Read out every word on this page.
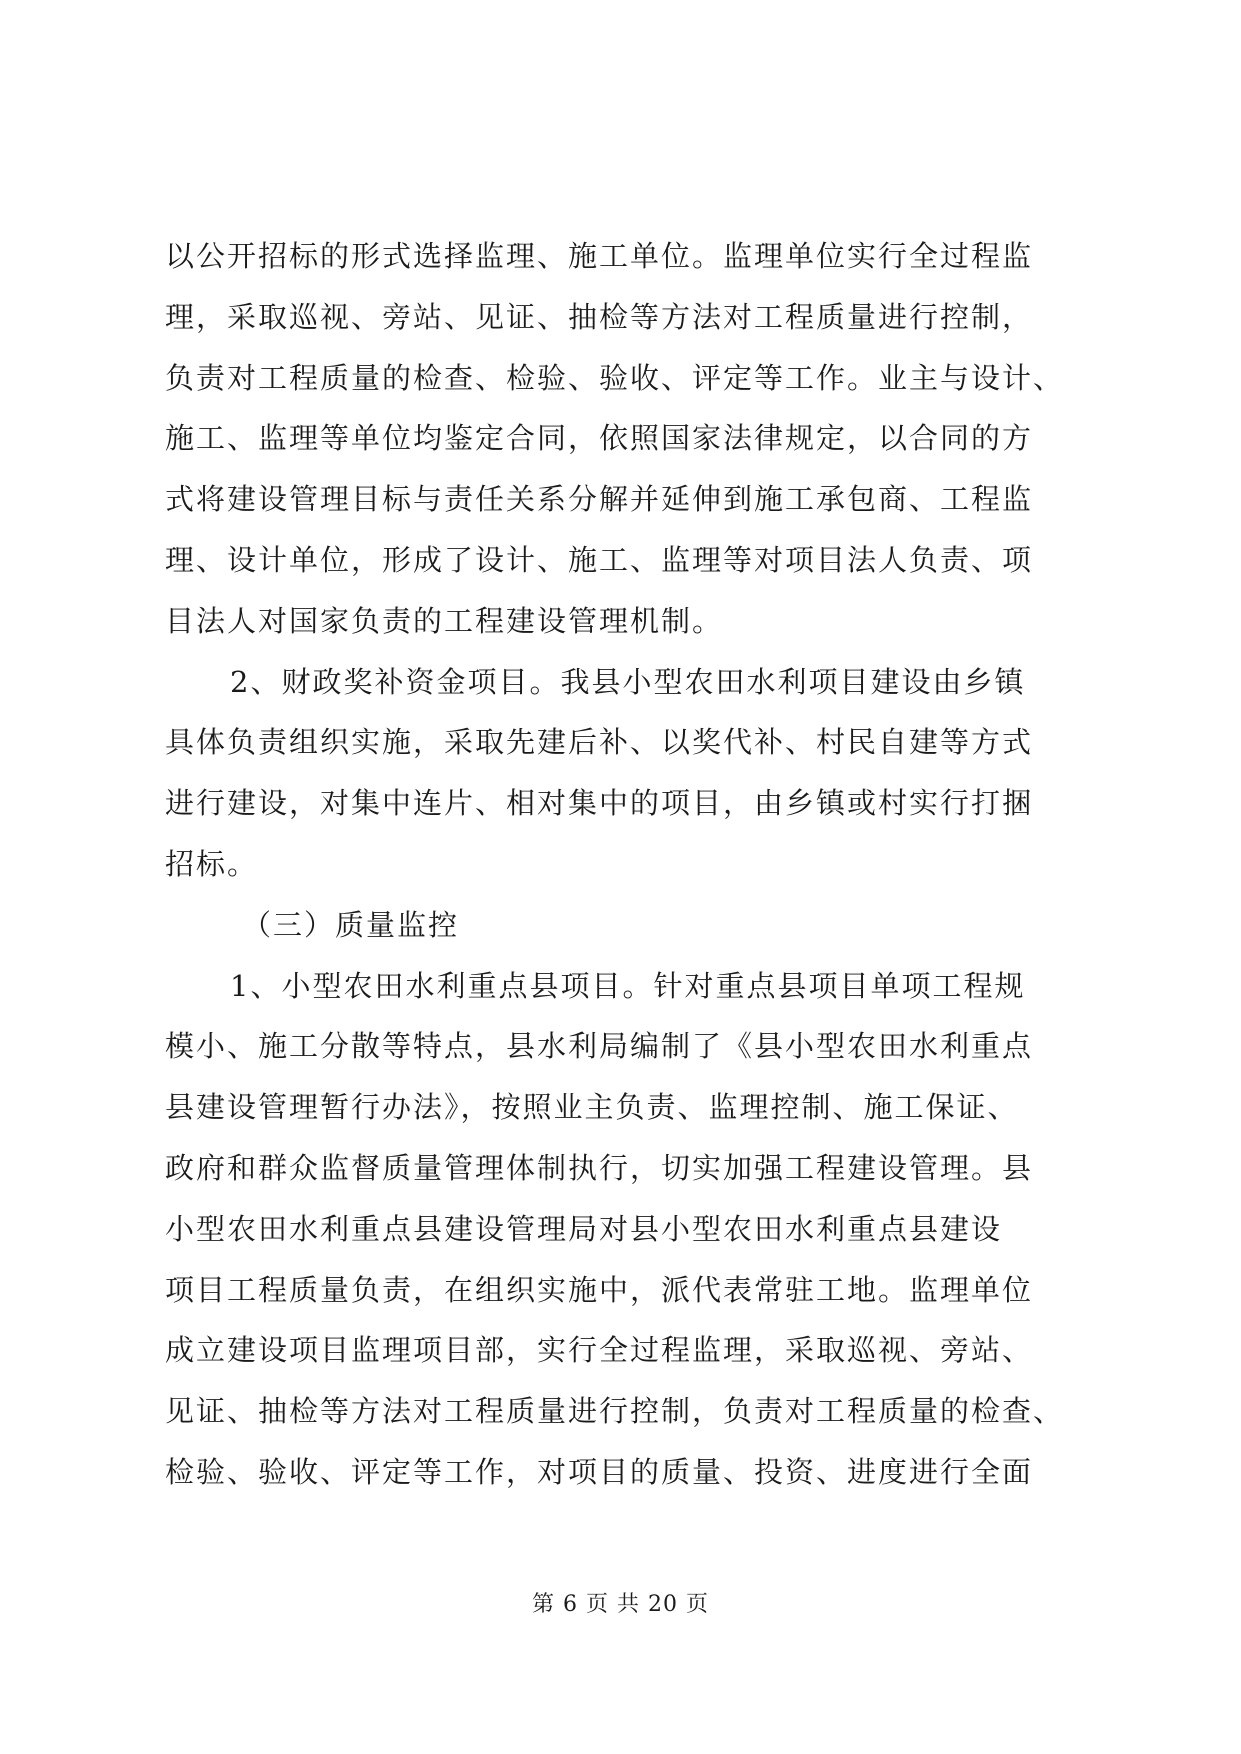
以公开招标的形式选择监理、施工单位。监理单位实行全过程监
理，采取巡视、旁站、见证、抽检等方法对工程质量进行控制，
负责对工程质量的检查、检验、验收、评定等工作。业主与设计、
施工、监理等单位均鉴定合同，依照国家法律规定，以合同的方
式将建设管理目标与责任关系分解并延伸到施工承包商、工程监
理、设计单位，形成了设计、施工、监理等对项目法人负责、项
目法人对国家负责的工程建设管理机制。
2、财政奖补资金项目。我县小型农田水利项目建设由乡镇
具体负责组织实施，采取先建后补、以奖代补、村民自建等方式
进行建设，对集中连片、相对集中的项目，由乡镇或村实行打捆
招标。
（三）质量监控
1、小型农田水利重点县项目。针对重点县项目单项工程规
模小、施工分散等特点，县水利局编制了《县小型农田水利重点
县建设管理暂行办法》，按照业主负责、监理控制、施工保证、
政府和群众监督质量管理体制执行，切实加强工程建设管理。县
小型农田水利重点县建设管理局对县小型农田水利重点县建设
项目工程质量负责，在组织实施中，派代表常驻工地。监理单位
成立建设项目监理项目部，实行全过程监理，采取巡视、旁站、
见证、抽检等方法对工程质量进行控制，负责对工程质量的检查、
检验、验收、评定等工作，对项目的质量、投资、进度进行全面
第 6 页 共 20 页
